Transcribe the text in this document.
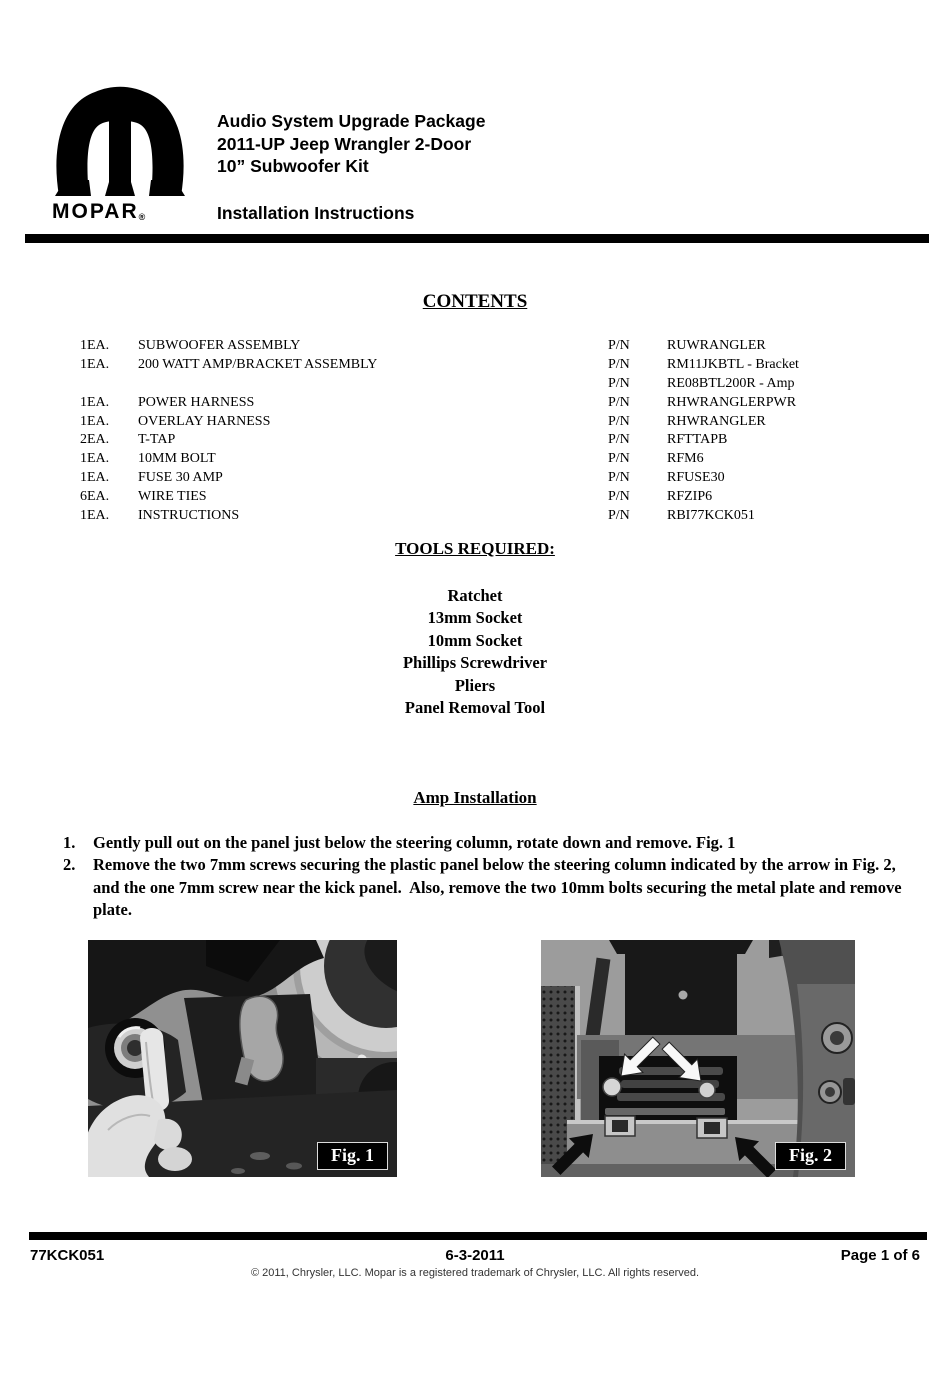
MOPAR®
Audio System Upgrade Package
2011-UP Jeep Wrangler 2-Door
10” Subwoofer Kit
Installation Instructions
CONTENTS
1EA. SUBWOOFER ASSEMBLY	P/N	RUWRANGLER
1EA. 200 WATT AMP/BRACKET ASSEMBLY	P/N	RM11JKBTL - Bracket
P/N	RE08BTL200R - Amp
1EA. POWER HARNESS	P/N	RHWRANGLERPWR
1EA. OVERLAY HARNESS	P/N	RHWRANGLER
2EA. T-TAP	P/N	RFTTAPB
1EA. 10MM BOLT	P/N	RFM6
1EA. FUSE 30 AMP	P/N	RFUSE30
6EA. WIRE TIES	P/N	RFZIP6
1EA. INSTRUCTIONS	P/N	RBI77KCK051
TOOLS REQUIRED:
Ratchet
13mm Socket
10mm Socket
Phillips Screwdriver
Pliers
Panel Removal Tool
Amp Installation
1.	Gently pull out on the panel just below the steering column, rotate down and remove. Fig. 1
2.	Remove the two 7mm screws securing the plastic panel below the steering column indicated by the arrow in Fig. 2, and the one 7mm screw near the kick panel.  Also, remove the two 10mm bolts securing the metal plate and remove plate.
Fig. 1	Fig. 2
77KCK051	6-3-2011	Page 1 of 6
© 2011, Chrysler, LLC. Mopar is a registered trademark of Chrysler, LLC. All rights reserved.
